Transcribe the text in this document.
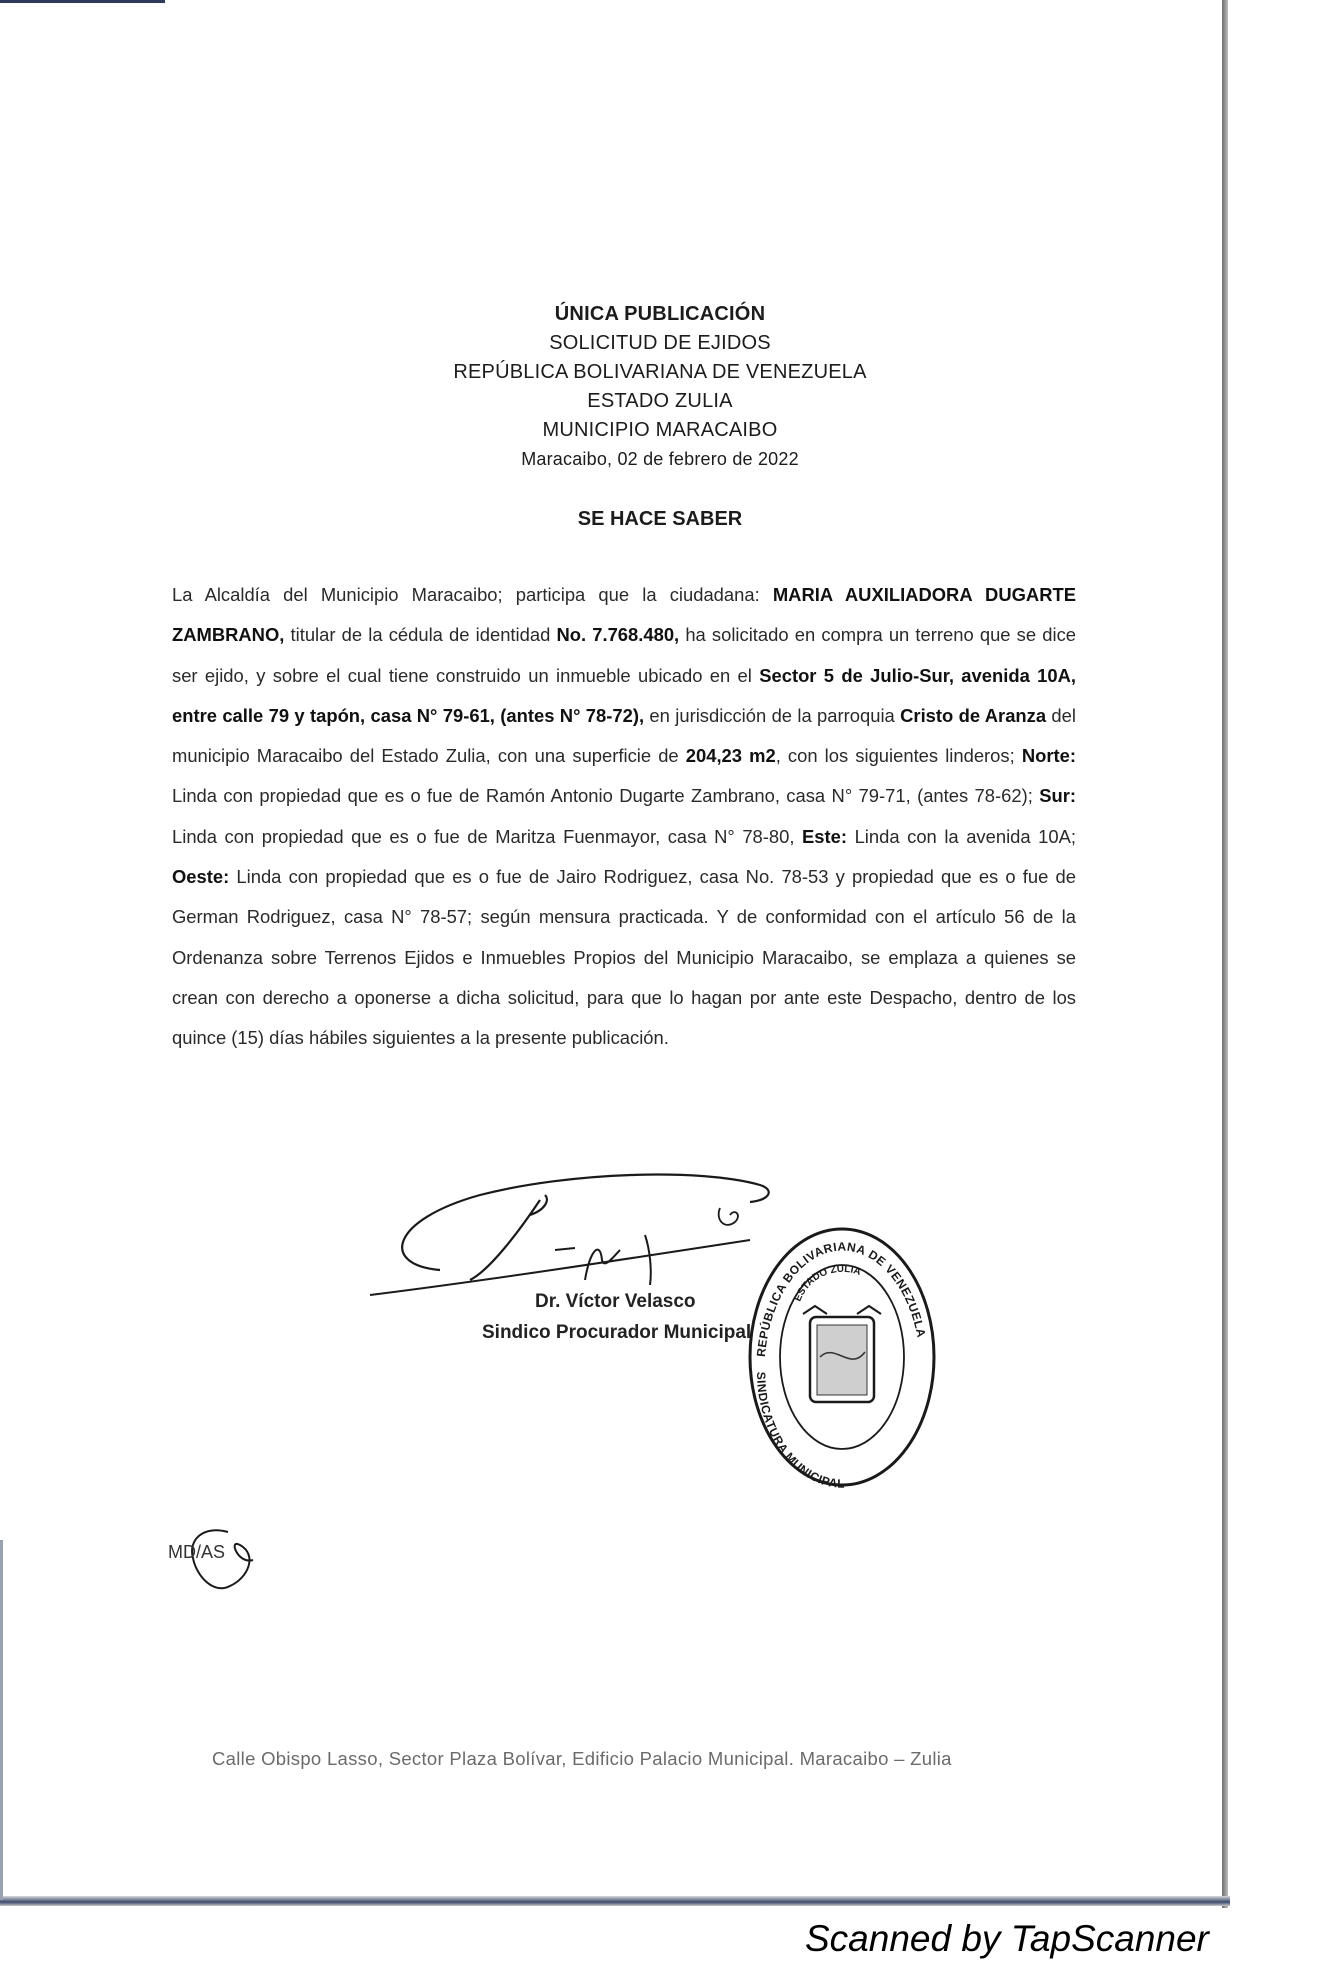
ÚNICA PUBLICACIÓN
SOLICITUD DE EJIDOS
REPÚBLICA BOLIVARIANA DE VENEZUELA
ESTADO ZULIA
MUNICIPIO MARACAIBO
Maracaibo, 02 de febrero de 2022
SE HACE SABER
La Alcaldía del Municipio Maracaibo; participa que la ciudadana: MARIA AUXILIADORA DUGARTE ZAMBRANO, titular de la cédula de identidad No. 7.768.480, ha solicitado en compra un terreno que se dice ser ejido, y sobre el cual tiene construido un inmueble ubicado en el Sector 5 de Julio-Sur, avenida 10A, entre calle 79 y tapón, casa N° 79-61, (antes N° 78-72), en jurisdicción de la parroquia Cristo de Aranza del municipio Maracaibo del Estado Zulia, con una superficie de 204,23 m2, con los siguientes linderos; Norte: Linda con propiedad que es o fue de Ramón Antonio Dugarte Zambrano, casa N° 79-71, (antes 78-62); Sur: Linda con propiedad que es o fue de Maritza Fuenmayor, casa N° 78-80, Este: Linda con la avenida 10A; Oeste: Linda con propiedad que es o fue de Jairo Rodriguez, casa No. 78-53 y propiedad que es o fue de German Rodriguez, casa N° 78-57; según mensura practicada. Y de conformidad con el artículo 56 de la Ordenanza sobre Terrenos Ejidos e Inmuebles Propios del Municipio Maracaibo, se emplaza a quienes se crean con derecho a oponerse a dicha solicitud, para que lo hagan por ante este Despacho, dentro de los quince (15) días hábiles siguientes a la presente publicación.
Dr. Víctor Velasco
Sindico Procurador Municipal
REPÚBLICA BOLIVARIANA DE VENEZUELA
ESTADO ZULIA
SINDICATURA MUNICIPAL
MD/AS
Calle Obispo Lasso, Sector Plaza Bolívar, Edificio Palacio Municipal. Maracaibo – Zulia
Scanned by TapScanner
